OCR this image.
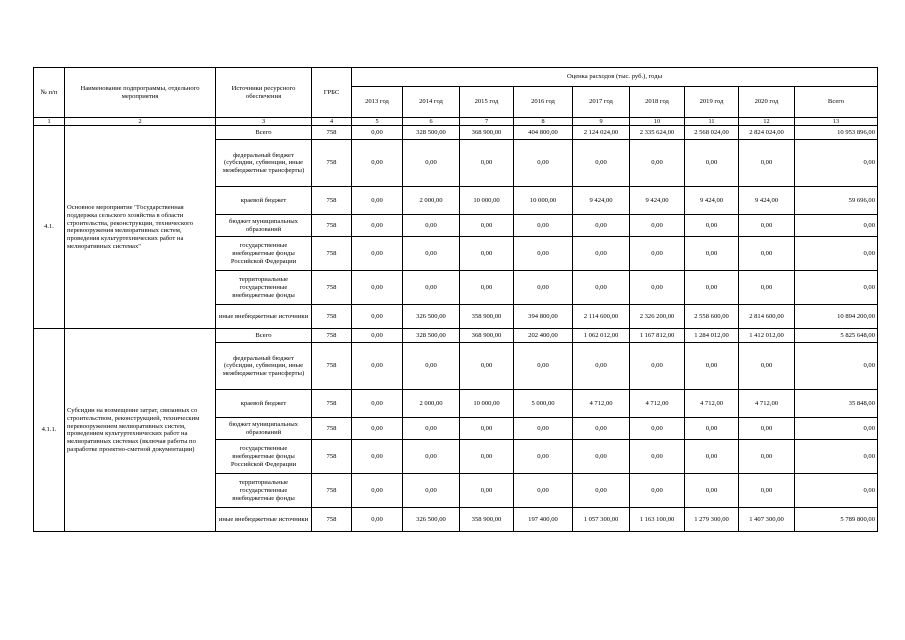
№ п/п	Наименование подпрограммы, отдельного мероприятия	Источники ресурсного обеспечения	ГРБС	Оценка расходов (тыс. руб.), годы								
				2013 год	2014 год	2015 год	2016 год	2017 год	2018 год	2019 год	2020 год	Всего
1	2	3	4	5	6	7	8	9	10	11	12	13
4.1.	Основное мероприятие "Государственная поддержка сельского хозяйства в области строительства, реконструкции, технического перевооружения мелиоративных систем, проведения культуртехнических работ на мелиоративных системах"	Всего	758	0,00	328 500,00	368 900,00	404 800,00	2 124 024,00	2 335 624,00	2 568 024,00	2 824 024,00	10 953 896,00
		федеральный бюджет (субсидии, субвенции, иные межбюджетные трансферты)	758	0,00	0,00	0,00	0,00	0,00	0,00	0,00	0,00	0,00
		краевой бюджет	758	0,00	2 000,00	10 000,00	10 000,00	9 424,00	9 424,00	9 424,00	9 424,00	59 696,00
		бюджет муниципальных образований	758	0,00	0,00	0,00	0,00	0,00	0,00	0,00	0,00	0,00
		государственные внебюджетные фонды Российской Федерации	758	0,00	0,00	0,00	0,00	0,00	0,00	0,00	0,00	0,00
		территориальные государственные внебюджетные фонды	758	0,00	0,00	0,00	0,00	0,00	0,00	0,00	0,00	0,00
		иные внебюджетные источники	758	0,00	326 500,00	358 900,00	394 800,00	2 114 600,00	2 326 200,00	2 558 600,00	2 814 600,00	10 894 200,00
4.1.1.	Субсидии на возмещение затрат, связанных со строительством, реконструкцией, техническим перевооружением мелиоративных систем, проведением культуртехнических работ на мелиоративных системах (включая работы по разработке проектно-сметной документации)	Всего	758	0,00	328 500,00	368 900,00	202 400,00	1 062 012,00	1 167 812,00	1 284 012,00	1 412 012,00	5 825 648,00
		федеральный бюджет (субсидии, субвенции, иные межбюджетные трансферты)	758	0,00	0,00	0,00	0,00	0,00	0,00	0,00	0,00	0,00
		краевой бюджет	758	0,00	2 000,00	10 000,00	5 000,00	4 712,00	4 712,00	4 712,00	4 712,00	35 848,00
		бюджет муниципальных образований	758	0,00	0,00	0,00	0,00	0,00	0,00	0,00	0,00	0,00
		государственные внебюджетные фонды Российской Федерации	758	0,00	0,00	0,00	0,00	0,00	0,00	0,00	0,00	0,00
		территориальные государственные внебюджетные фонды	758	0,00	0,00	0,00	0,00	0,00	0,00	0,00	0,00	0,00
		иные внебюджетные источники	758	0,00	326 500,00	358 900,00	197 400,00	1 057 300,00	1 163 100,00	1 279 300,00	1 407 300,00	5 789 800,00
